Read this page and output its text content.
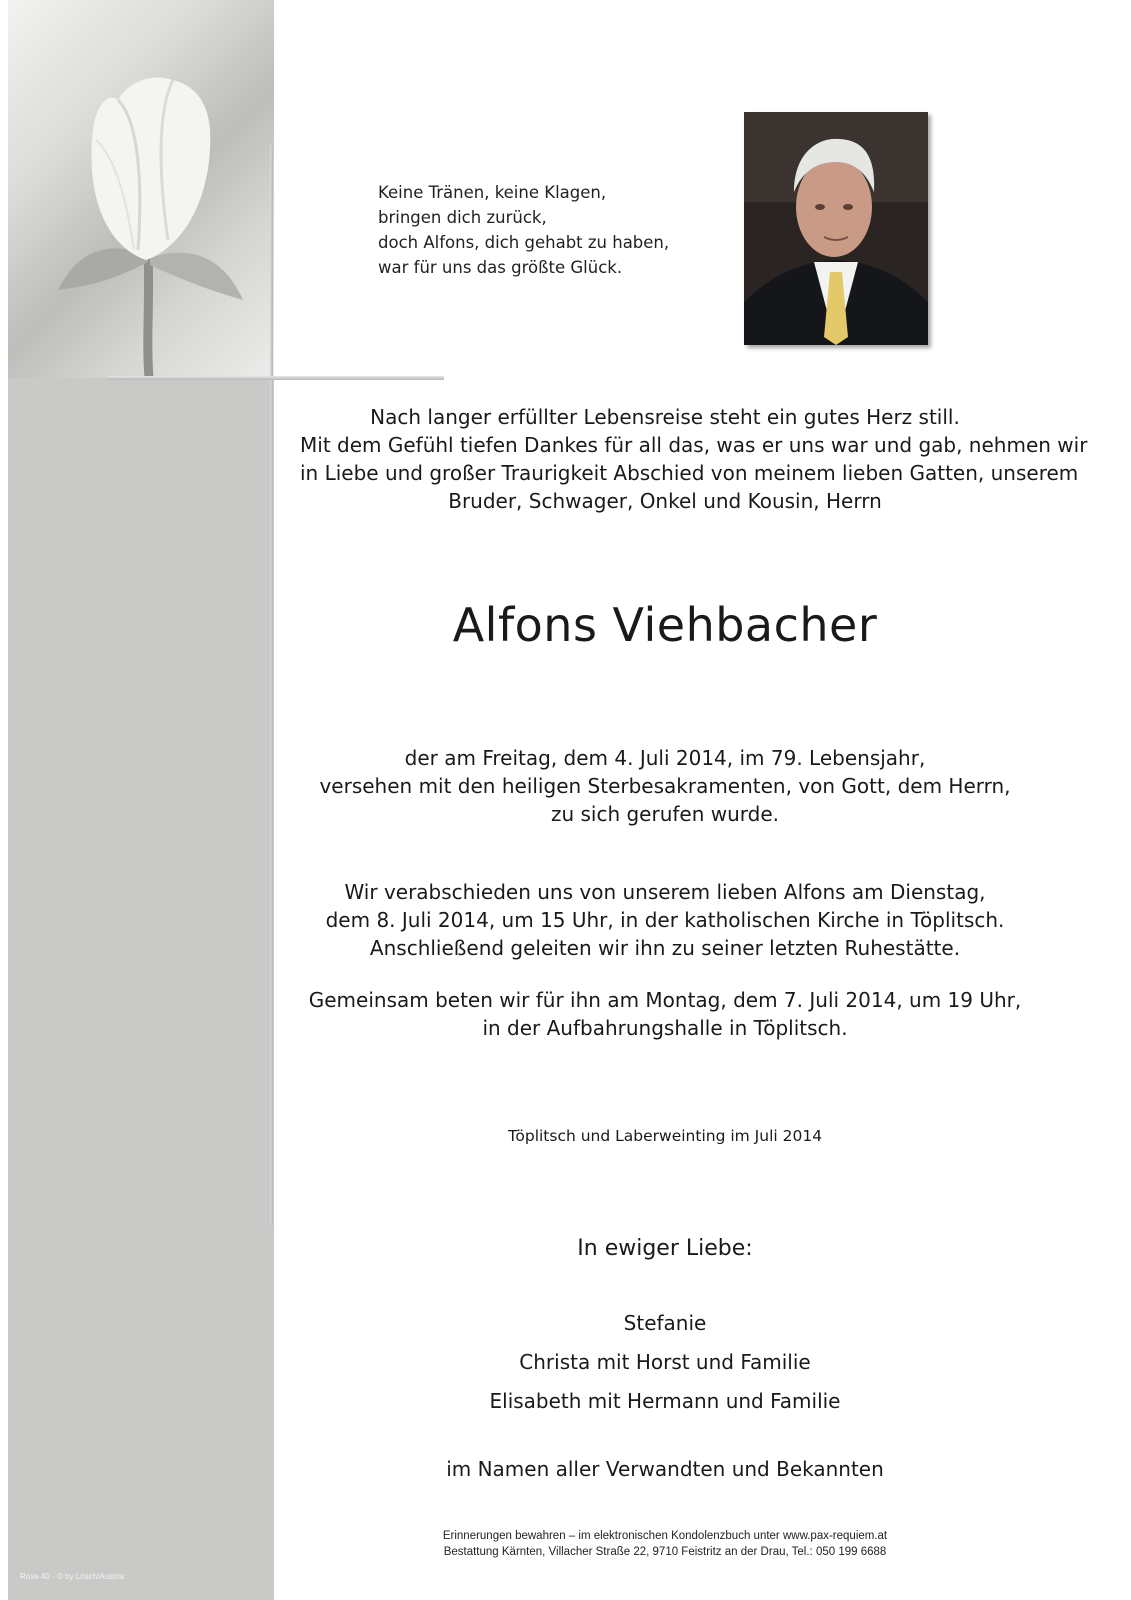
Rose 40 · © by Lösch/Austria
Keine Tränen, keine Klagen,
bringen dich zurück,
doch Alfons, dich gehabt zu haben,
war für uns das größte Glück.
Nach langer erfüllter Lebensreise steht ein gutes Herz still.
Mit dem Gefühl tiefen Dankes für all das, was er uns war und gab, nehmen wir
in Liebe und großer Traurigkeit Abschied von meinem lieben Gatten, unserem
Bruder, Schwager, Onkel und Kousin, Herrn
Alfons Viehbacher
der am Freitag, dem 4. Juli 2014, im 79. Lebensjahr,
versehen mit den heiligen Sterbesakramenten, von Gott, dem Herrn,
zu sich gerufen wurde.
Wir verabschieden uns von unserem lieben Alfons am Dienstag,
dem 8. Juli 2014, um 15 Uhr, in der katholischen Kirche in Töplitsch.
Anschließend geleiten wir ihn zu seiner letzten Ruhestätte.
Gemeinsam beten wir für ihn am Montag, dem 7. Juli 2014, um 19 Uhr,
in der Aufbahrungshalle in Töplitsch.
Töplitsch und Laberweinting im Juli 2014
In ewiger Liebe:
Stefanie
Christa mit Horst und Familie
Elisabeth mit Hermann und Familie
im Namen aller Verwandten und Bekannten
Erinnerungen bewahren – im elektronischen Kondolenzbuch unter www.pax-requiem.at
Bestattung Kärnten, Villacher Straße 22, 9710 Feistritz an der Drau, Tel.: 050 199 6688
